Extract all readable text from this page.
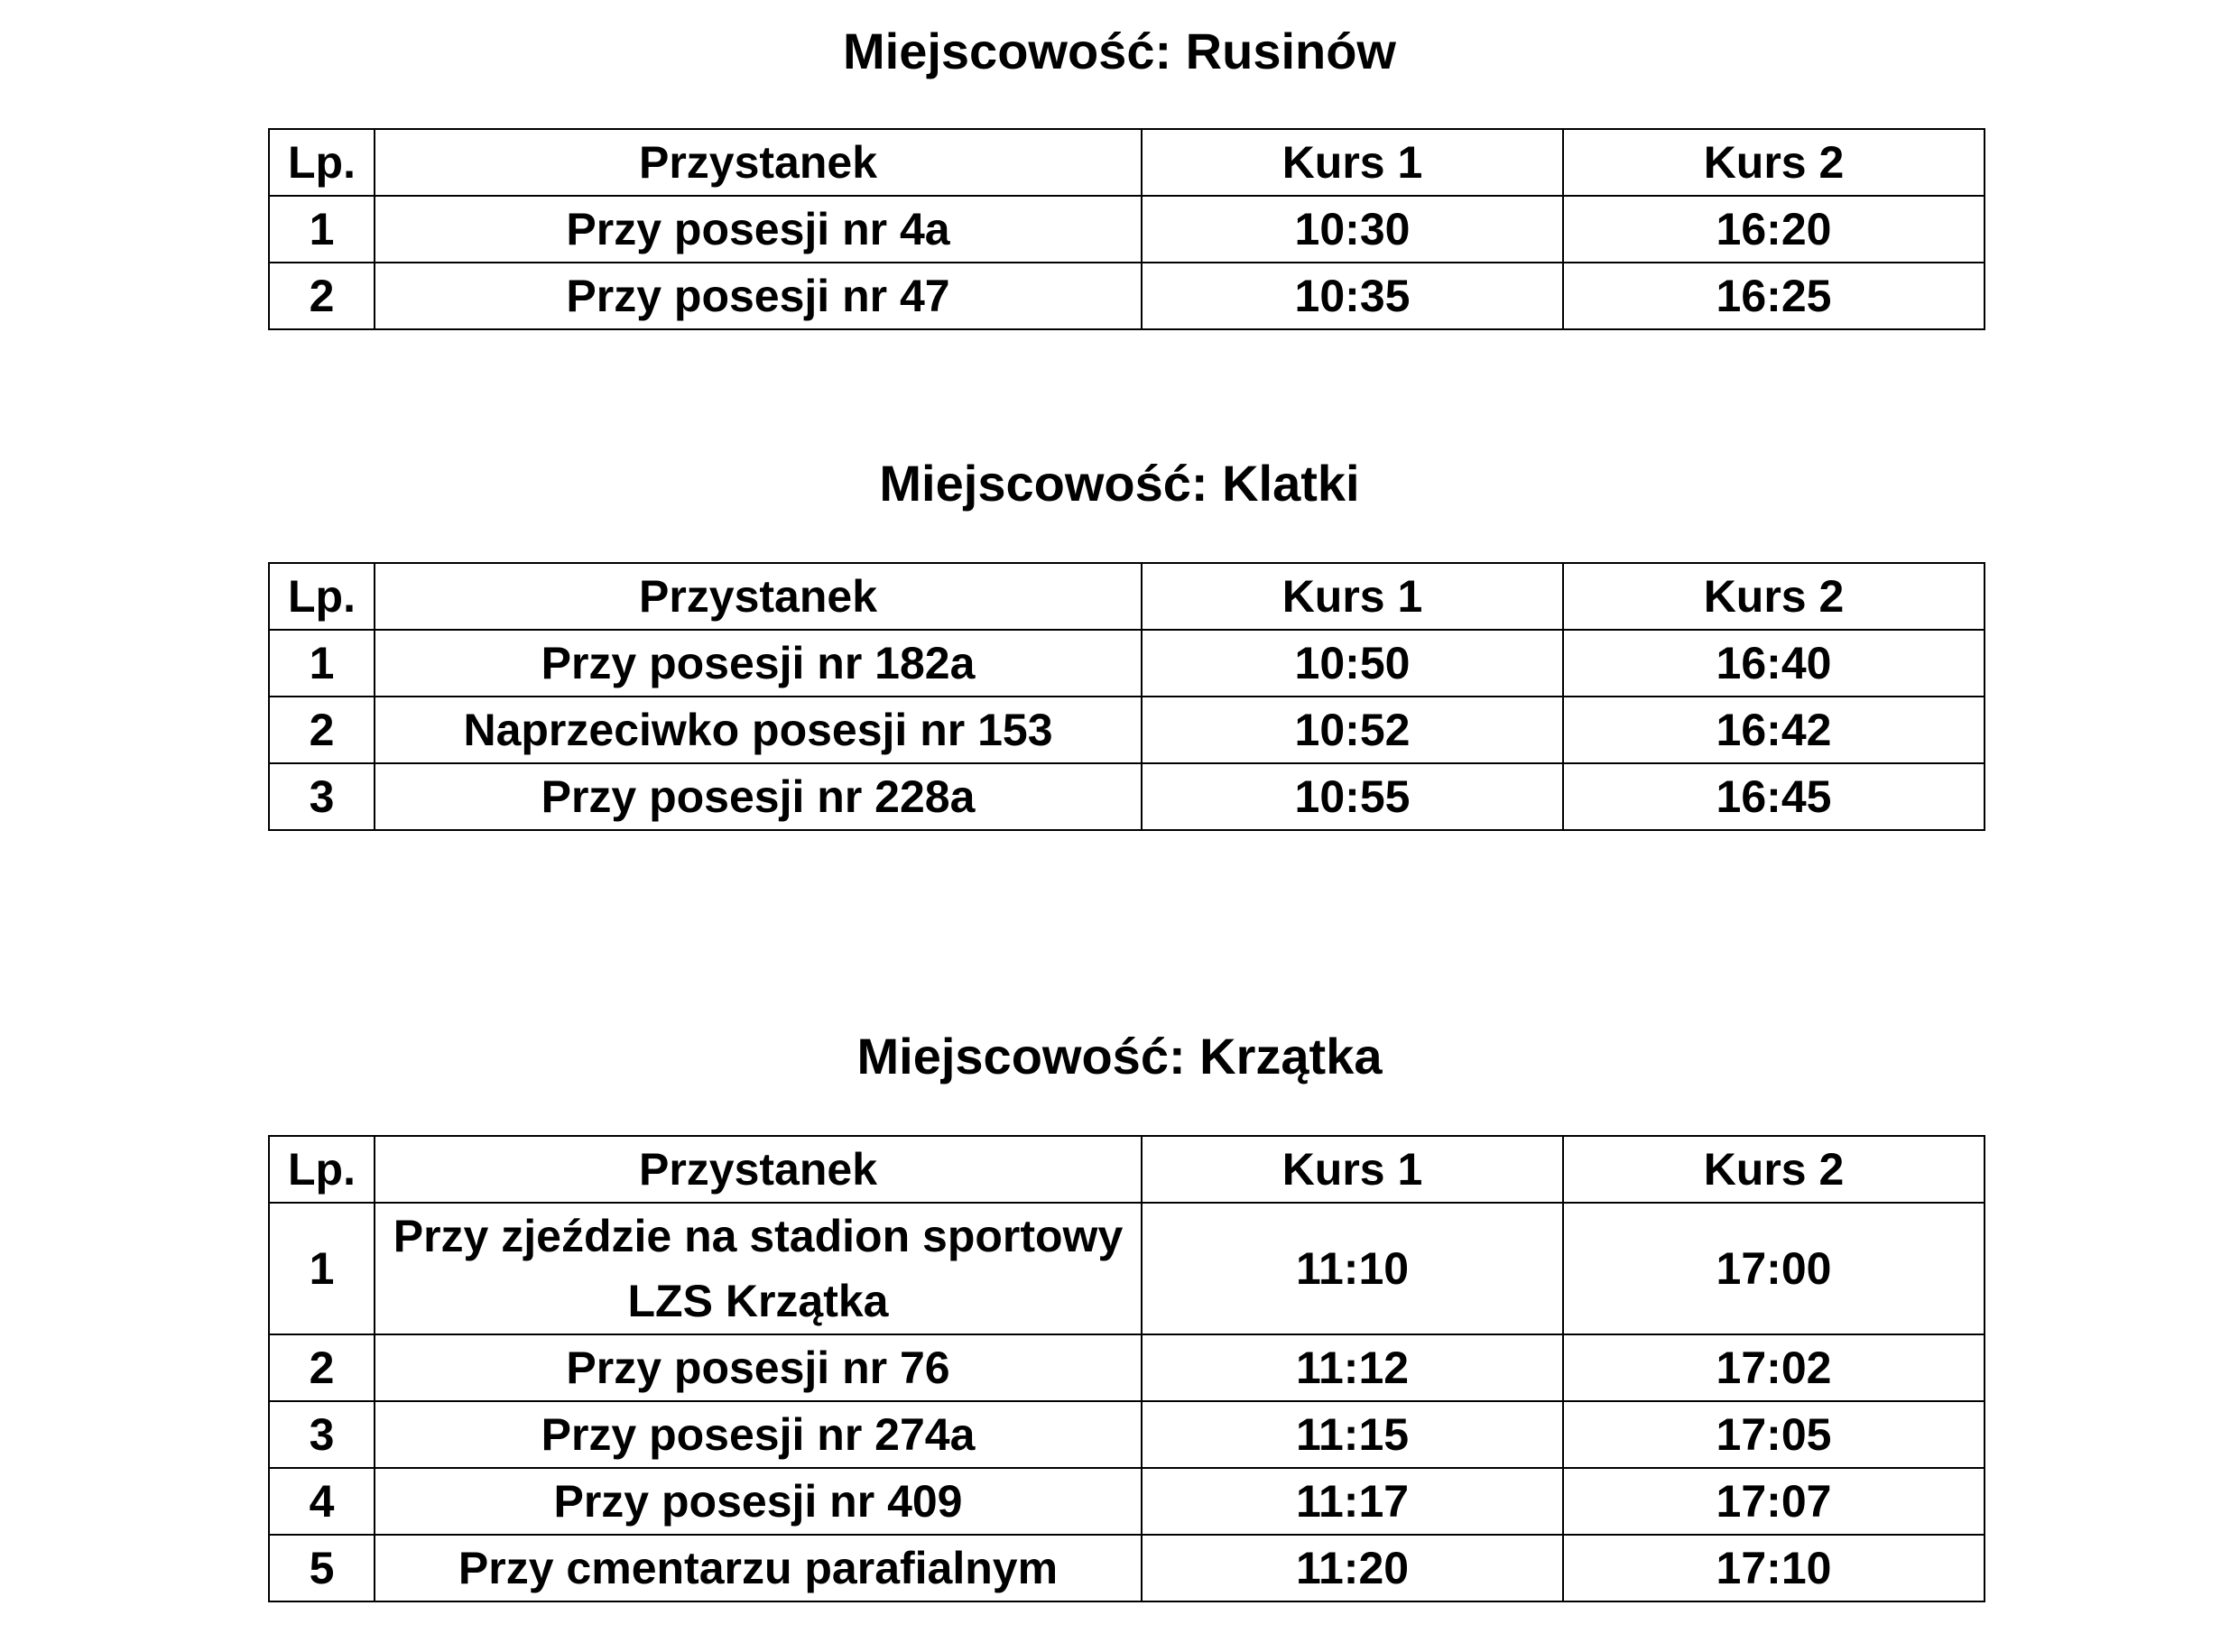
Miejscowość: Rusinów
Lp.	Przystanek	Kurs 1	Kurs 2
1	Przy posesji nr 4a	10:30	16:20
2	Przy posesji nr 47	10:35	16:25
Miejscowość: Klatki
Lp.	Przystanek	Kurs 1	Kurs 2
1	Przy posesji nr 182a	10:50	16:40
2	Naprzeciwko posesji nr 153	10:52	16:42
3	Przy posesji nr 228a	10:55	16:45
Miejscowość: Krzątka
Lp.	Przystanek	Kurs 1	Kurs 2
1	Przy zjeździe na stadion sportowy LZS Krzątka	11:10	17:00
2	Przy posesji nr 76	11:12	17:02
3	Przy posesji nr 274a	11:15	17:05
4	Przy posesji nr 409	11:17	17:07
5	Przy cmentarzu parafialnym	11:20	17:10
